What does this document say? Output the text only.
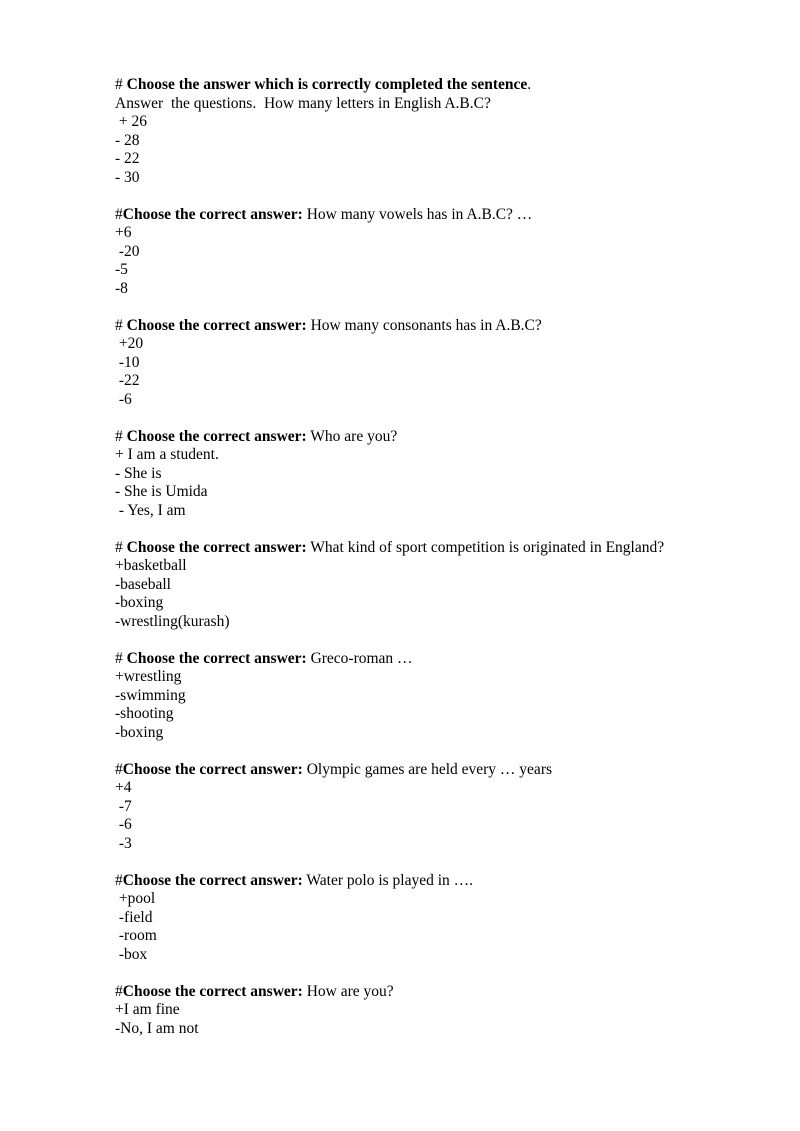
# Choose the answer which is correctly completed the sentence.
Answer  the questions.  How many letters in English A.B.C?
+ 26
- 28
- 22
- 30
#Choose the correct answer: How many vowels has in A.B.C? …
+6
-20
-5
-8
# Choose the correct answer: How many consonants has in A.B.C?
+20
-10
-22
-6
# Choose the correct answer: Who are you?
+ I am a student.
- She is
- She is Umida
- Yes, I am
# Choose the correct answer: What kind of sport competition is originated in England?
+basketball
-baseball
-boxing
-wrestling(kurash)
# Choose the correct answer: Greco-roman …
+wrestling
-swimming
-shooting
-boxing
#Choose the correct answer: Olympic games are held every … years
+4
-7
-6
-3
#Choose the correct answer: Water polo is played in ….
+pool
-field
-room
-box
#Choose the correct answer: How are you?
+I am fine
-No, I am not
